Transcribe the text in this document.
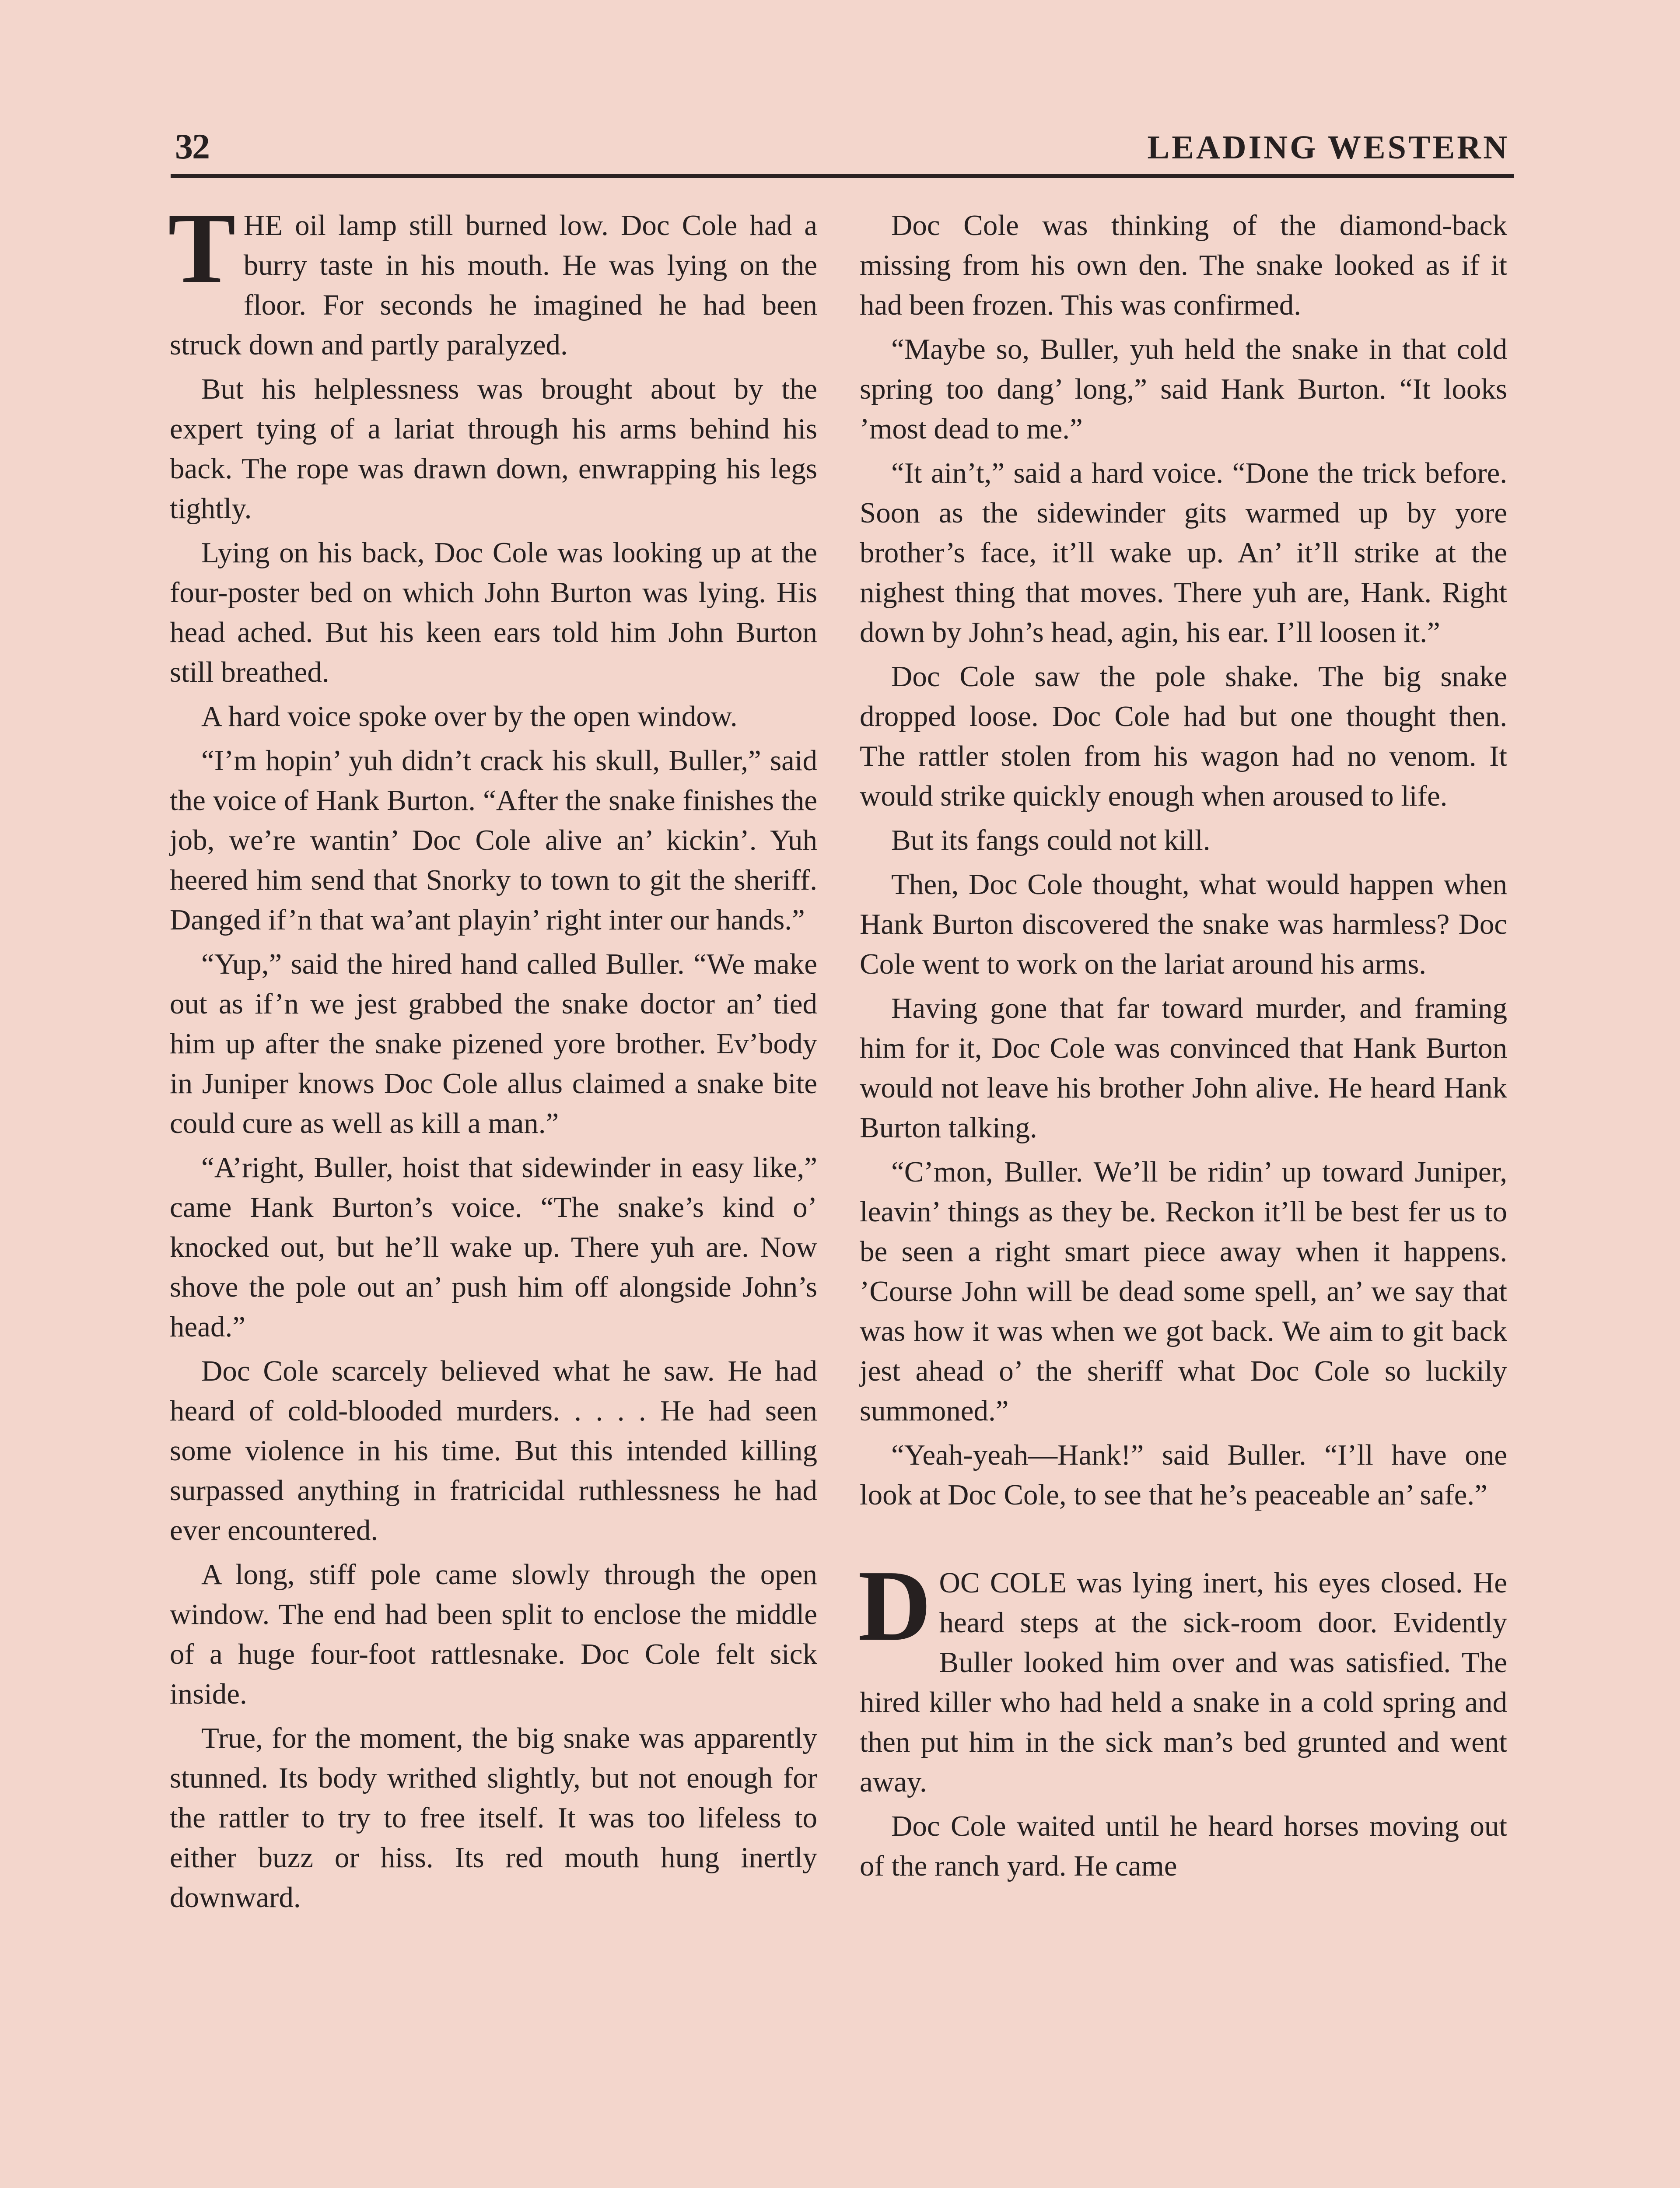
32	LEADING WESTERN

THE oil lamp still burned low. Doc Cole had a burry taste in his mouth. He was lying on the floor. For seconds he imagined he had been struck down and partly paralyzed.

But his helplessness was brought about by the expert tying of a lariat through his arms behind his back. The rope was drawn down, enwrapping his legs tightly.

Lying on his back, Doc Cole was looking up at the four-poster bed on which John Burton was lying. His head ached. But his keen ears told him John Burton still breathed.

A hard voice spoke over by the open window.

“I’m hopin’ yuh didn’t crack his skull, Buller,” said the voice of Hank Burton. “After the snake finishes the job, we’re wantin’ Doc Cole alive an’ kickin’. Yuh heered him send that Snorky to town to git the sheriff. Danged if’n that wa’ant playin’ right inter our hands.”

“Yup,” said the hired hand called Buller. “We make out as if’n we jest grabbed the snake doctor an’ tied him up after the snake pizened yore brother. Ev’body in Juniper knows Doc Cole allus claimed a snake bite could cure as well as kill a man.”

“A’right, Buller, hoist that sidewinder in easy like,” came Hank Burton’s voice. “The snake’s kind o’ knocked out, but he’ll wake up. There yuh are. Now shove the pole out an’ push him off alongside John’s head.”

Doc Cole scarcely believed what he saw. He had heard of cold-blooded murders. . . . . He had seen some violence in his time. But this intended killing surpassed anything in fratricidal ruthlessness he had ever encountered.

A long, stiff pole came slowly through the open window. The end had been split to enclose the middle of a huge four-foot rattlesnake. Doc Cole felt sick inside.

True, for the moment, the big snake was apparently stunned. Its body writhed slightly, but not enough for the rattler to try to free itself. It was too lifeless to either buzz or hiss. Its red mouth hung inertly downward.

Doc Cole was thinking of the diamond-back missing from his own den. The snake looked as if it had been frozen. This was confirmed.

“Maybe so, Buller, yuh held the snake in that cold spring too dang’ long,” said Hank Burton. “It looks ’most dead to me.”

“It ain’t,” said a hard voice. “Done the trick before. Soon as the sidewinder gits warmed up by yore brother’s face, it’ll wake up. An’ it’ll strike at the nighest thing that moves. There yuh are, Hank. Right down by John’s head, agin, his ear. I’ll loosen it.”

Doc Cole saw the pole shake. The big snake dropped loose. Doc Cole had but one thought then. The rattler stolen from his wagon had no venom. It would strike quickly enough when aroused to life.

But its fangs could not kill.

Then, Doc Cole thought, what would happen when Hank Burton discovered the snake was harmless? Doc Cole went to work on the lariat around his arms.

Having gone that far toward murder, and framing him for it, Doc Cole was convinced that Hank Burton would not leave his brother John alive. He heard Hank Burton talking.

“C’mon, Buller. We’ll be ridin’ up toward Juniper, leavin’ things as they be. Reckon it’ll be best fer us to be seen a right smart piece away when it happens. ’Course John will be dead some spell, an’ we say that was how it was when we got back. We aim to git back jest ahead o’ the sheriff what Doc Cole so luckily summoned.”

“Yeah-yeah—Hank!” said Buller. “I’ll have one look at Doc Cole, to see that he’s peaceable an’ safe.”

DOC COLE was lying inert, his eyes closed. He heard steps at the sick-room door. Evidently Buller looked him over and was satisfied. The hired killer who had held a snake in a cold spring and then put him in the sick man’s bed grunted and went away.

Doc Cole waited until he heard horses moving out of the ranch yard. He came
